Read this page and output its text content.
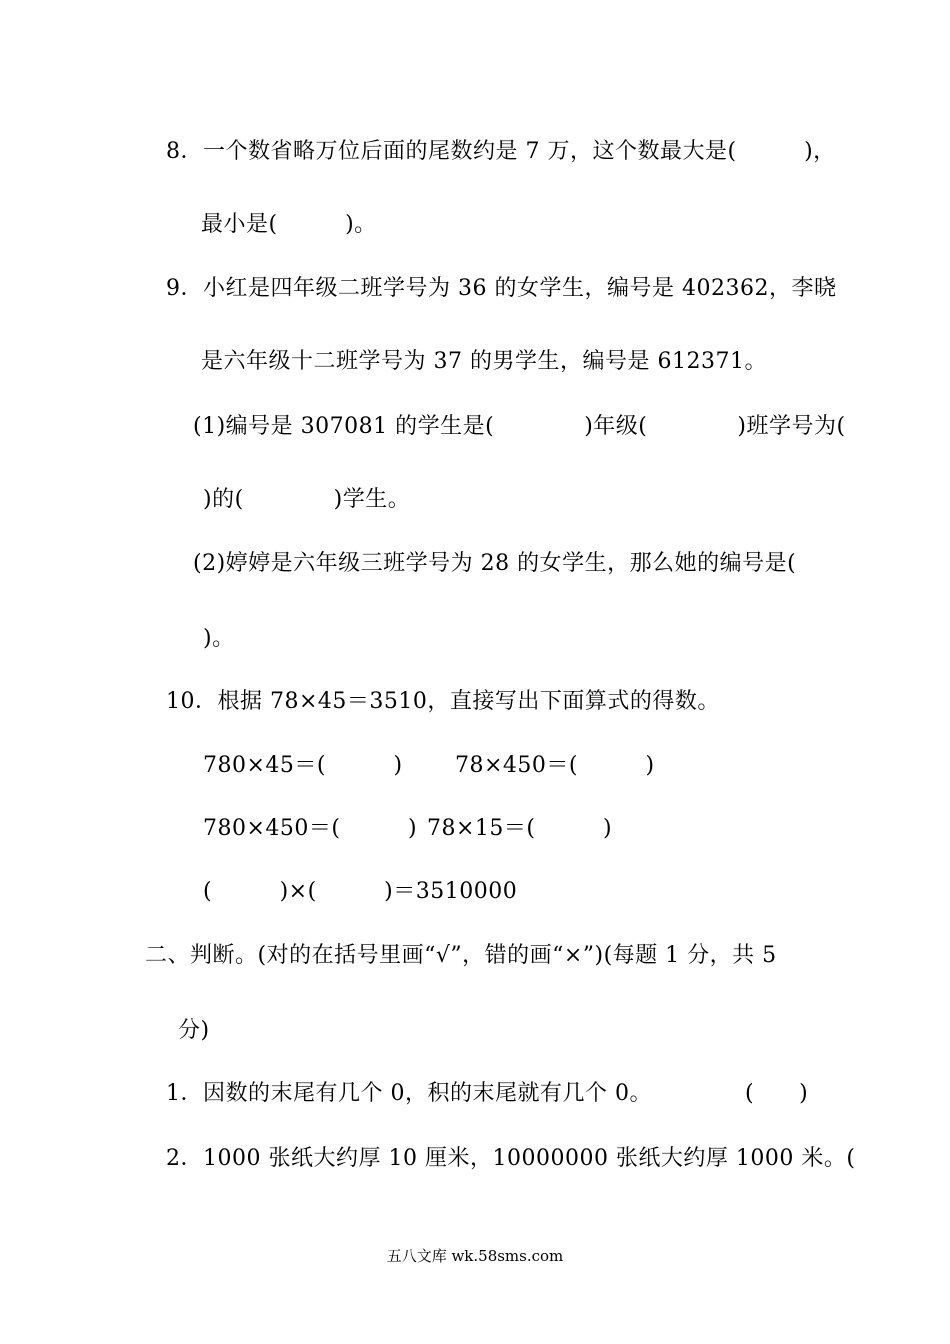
8．一个数省略万位后面的尾数约是 7 万，这个数最大是(　　　)，
最小是(　　　)。
9．小红是四年级二班学号为 36 的女学生，编号是 402362，李晓
是六年级十二班学号为 37 的男学生，编号是 612371。
(1)编号是 307081 的学生是(　　　　)年级(　　　　)班学号为(
)的(　　　　)学生。
(2)婷婷是六年级三班学号为 28 的女学生，那么她的编号是(
)。
10．根据 78×45＝3510，直接写出下面算式的得数。
780×45＝(　　　) 78×450＝(　　　)
780×450＝(　　　) 78×15＝(　　　)
(　　　)×(　　　)＝3510000
二、判断。(对的在括号里画“√”，错的画“×”)(每题 1 分，共 5
分)
1．因数的末尾有几个 0，积的末尾就有几个 0。	(　　)
2．1000 张纸大约厚 10 厘米，10000000 张纸大约厚 1000 米。(
五八文库 wk.58sms.com
